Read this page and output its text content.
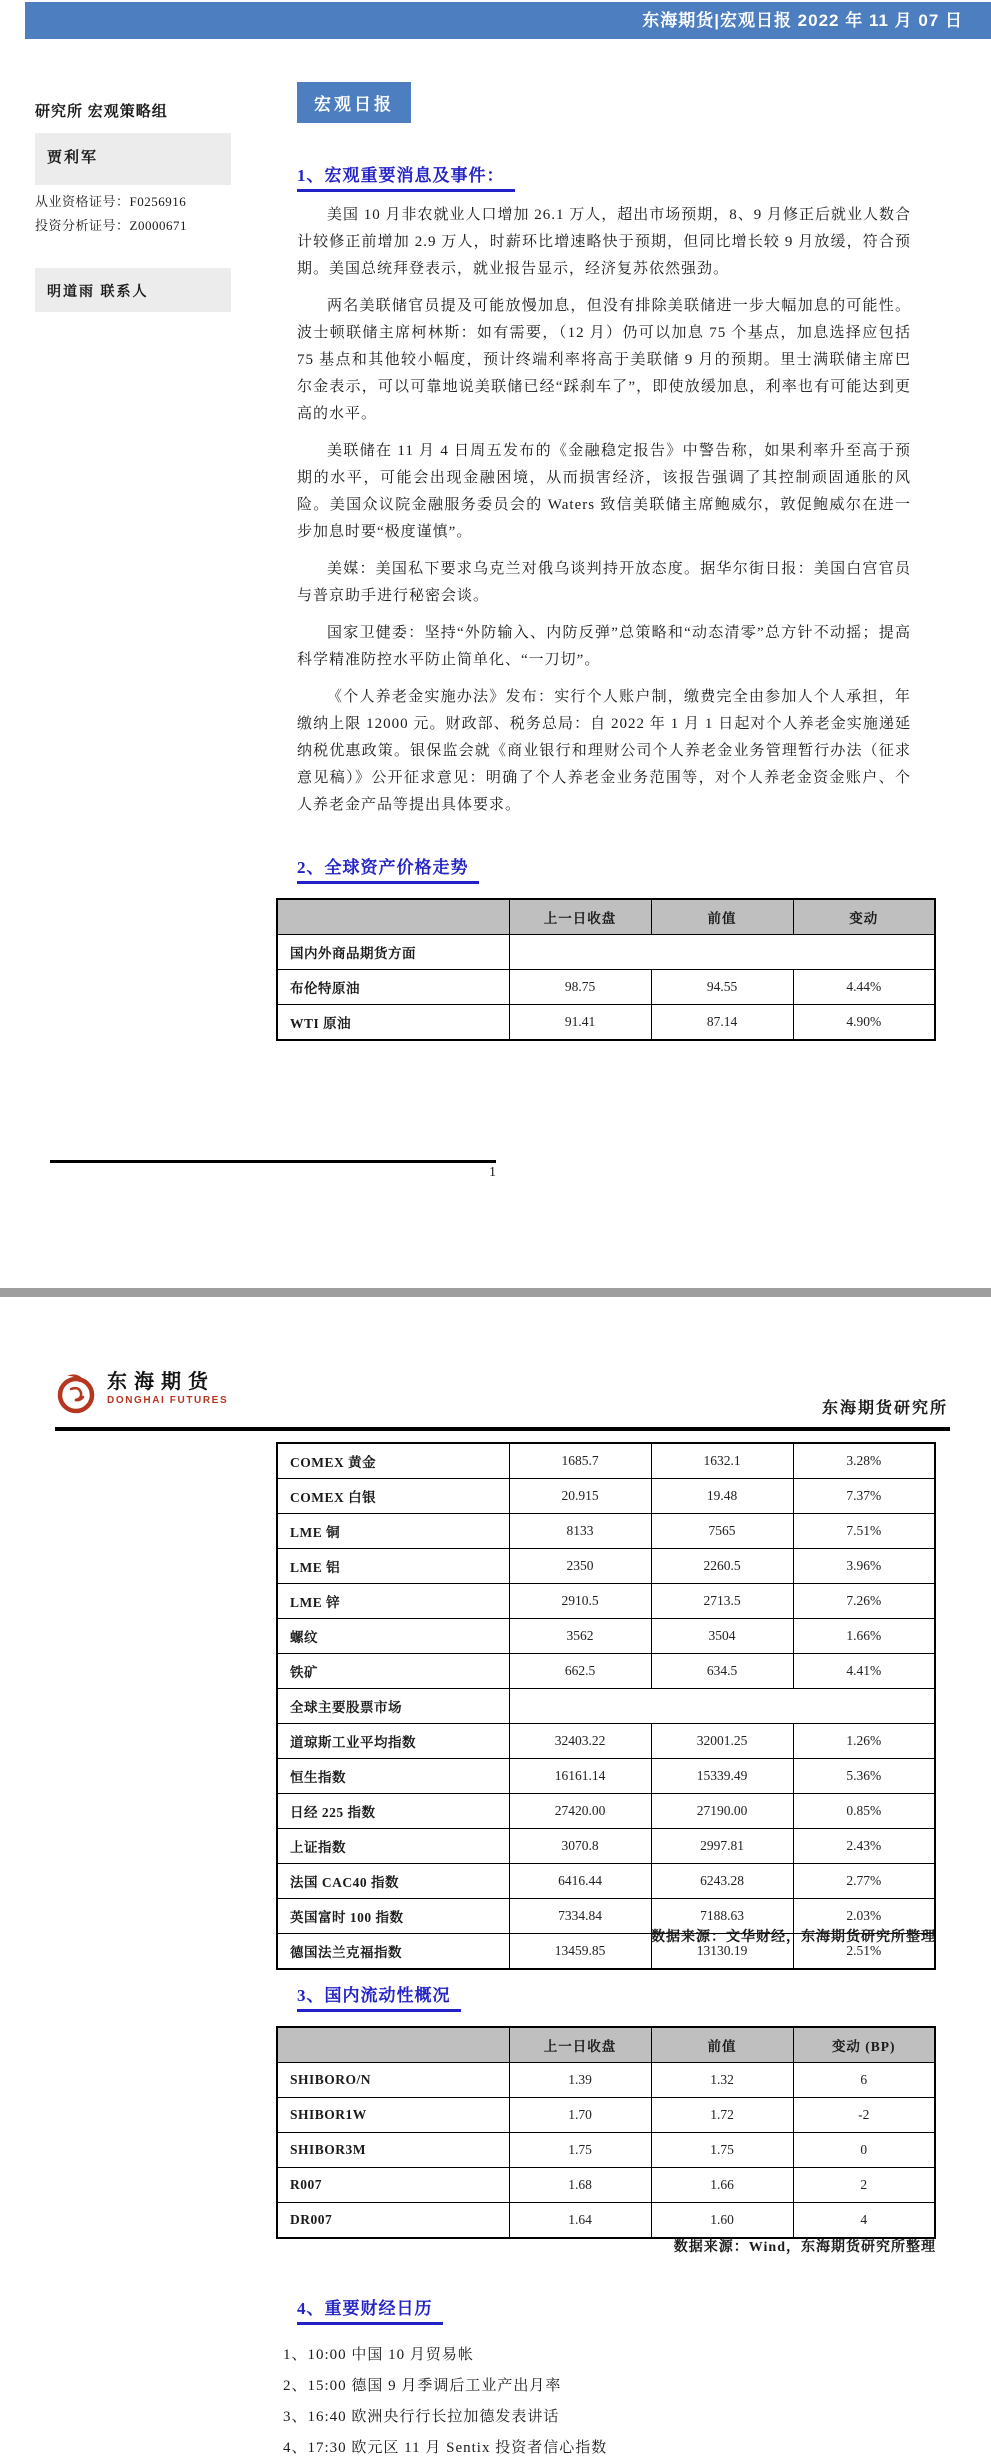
东海期货|宏观日报 2022 年 11 月 07 日
研究所 宏观策略组
贾利军
从业资格证号：F0256916
投资分析证号：Z0000671
明道雨 联系人
宏观日报
1、宏观重要消息及事件：

美国 10 月非农就业人口增加 26.1 万人，超出市场预期，8、9 月修正后就业人数合计较修正前增加 2.9 万人，时薪环比增速略快于预期，但同比增长较 9 月放缓，符合预期。美国总统拜登表示，就业报告显示，经济复苏依然强劲。

两名美联储官员提及可能放慢加息，但没有排除美联储进一步大幅加息的可能性。波士顿联储主席柯林斯：如有需要，（12 月）仍可以加息 75 个基点，加息选择应包括 75 基点和其他较小幅度，预计终端利率将高于美联储 9 月的预期。里士满联储主席巴尔金表示，可以可靠地说美联储已经“踩刹车了”，即使放缓加息，利率也有可能达到更高的水平。

美联储在 11 月 4 日周五发布的《金融稳定报告》中警告称，如果利率升至高于预期的水平，可能会出现金融困境，从而损害经济，该报告强调了其控制顽固通胀的风险。美国众议院金融服务委员会的 Waters 致信美联储主席鲍威尔，敦促鲍威尔在进一步加息时要“极度谨慎”。

美媒：美国私下要求乌克兰对俄乌谈判持开放态度。据华尔街日报：美国白宫官员与普京助手进行秘密会谈。

国家卫健委：坚持“外防输入、内防反弹”总策略和“动态清零”总方针不动摇；提高科学精准防控水平防止简单化、“一刀切”。

《个人养老金实施办法》发布：实行个人账户制，缴费完全由参加人个人承担，年缴纳上限 12000 元。财政部、税务总局：自 2022 年 1 月 1 日起对个人养老金实施递延纳税优惠政策。银保监会就《商业银行和理财公司个人养老金业务管理暂行办法（征求意见稿）》公开征求意见：明确了个人养老金业务范围等，对个人养老金资金账户、个人养老金产品等提出具体要求。

2、全球资产价格走势
	上一日收盘	前值	变动
国内外商品期货方面			
布伦特原油	98.75	94.55	4.44%
WTI 原油	91.41	87.14	4.90%
1
东海期货
DONGHAI FUTURES	东海期货研究所
COMEX 黄金	1685.7	1632.1	3.28%
COMEX 白银	20.915	19.48	7.37%
LME 铜	8133	7565	7.51%
LME 铝	2350	2260.5	3.96%
LME 锌	2910.5	2713.5	7.26%
螺纹	3562	3504	1.66%
铁矿	662.5	634.5	4.41%
全球主要股票市场			
道琼斯工业平均指数	32403.22	32001.25	1.26%
恒生指数	16161.14	15339.49	5.36%
日经 225 指数	27420.00	27190.00	0.85%
上证指数	3070.8	2997.81	2.43%
法国 CAC40 指数	6416.44	6243.28	2.77%
英国富时 100 指数	7334.84	7188.63	2.03%
德国法兰克福指数	13459.85	13130.19	2.51%
数据来源：文华财经，东海期货研究所整理
3、国内流动性概况
	上一日收盘	前值	变动 (BP)
SHIBORO/N	1.39	1.32	6
SHIBOR1W	1.70	1.72	-2
SHIBOR3M	1.75	1.75	0
R007	1.68	1.66	2
DR007	1.64	1.60	4
数据来源：Wind，东海期货研究所整理
4、重要财经日历
1、10:00 中国 10 月贸易帐
2、15:00 德国 9 月季调后工业产出月率
3、16:40 欧洲央行行长拉加德发表讲话
4、17:30 欧元区 11 月 Sentix 投资者信心指数
